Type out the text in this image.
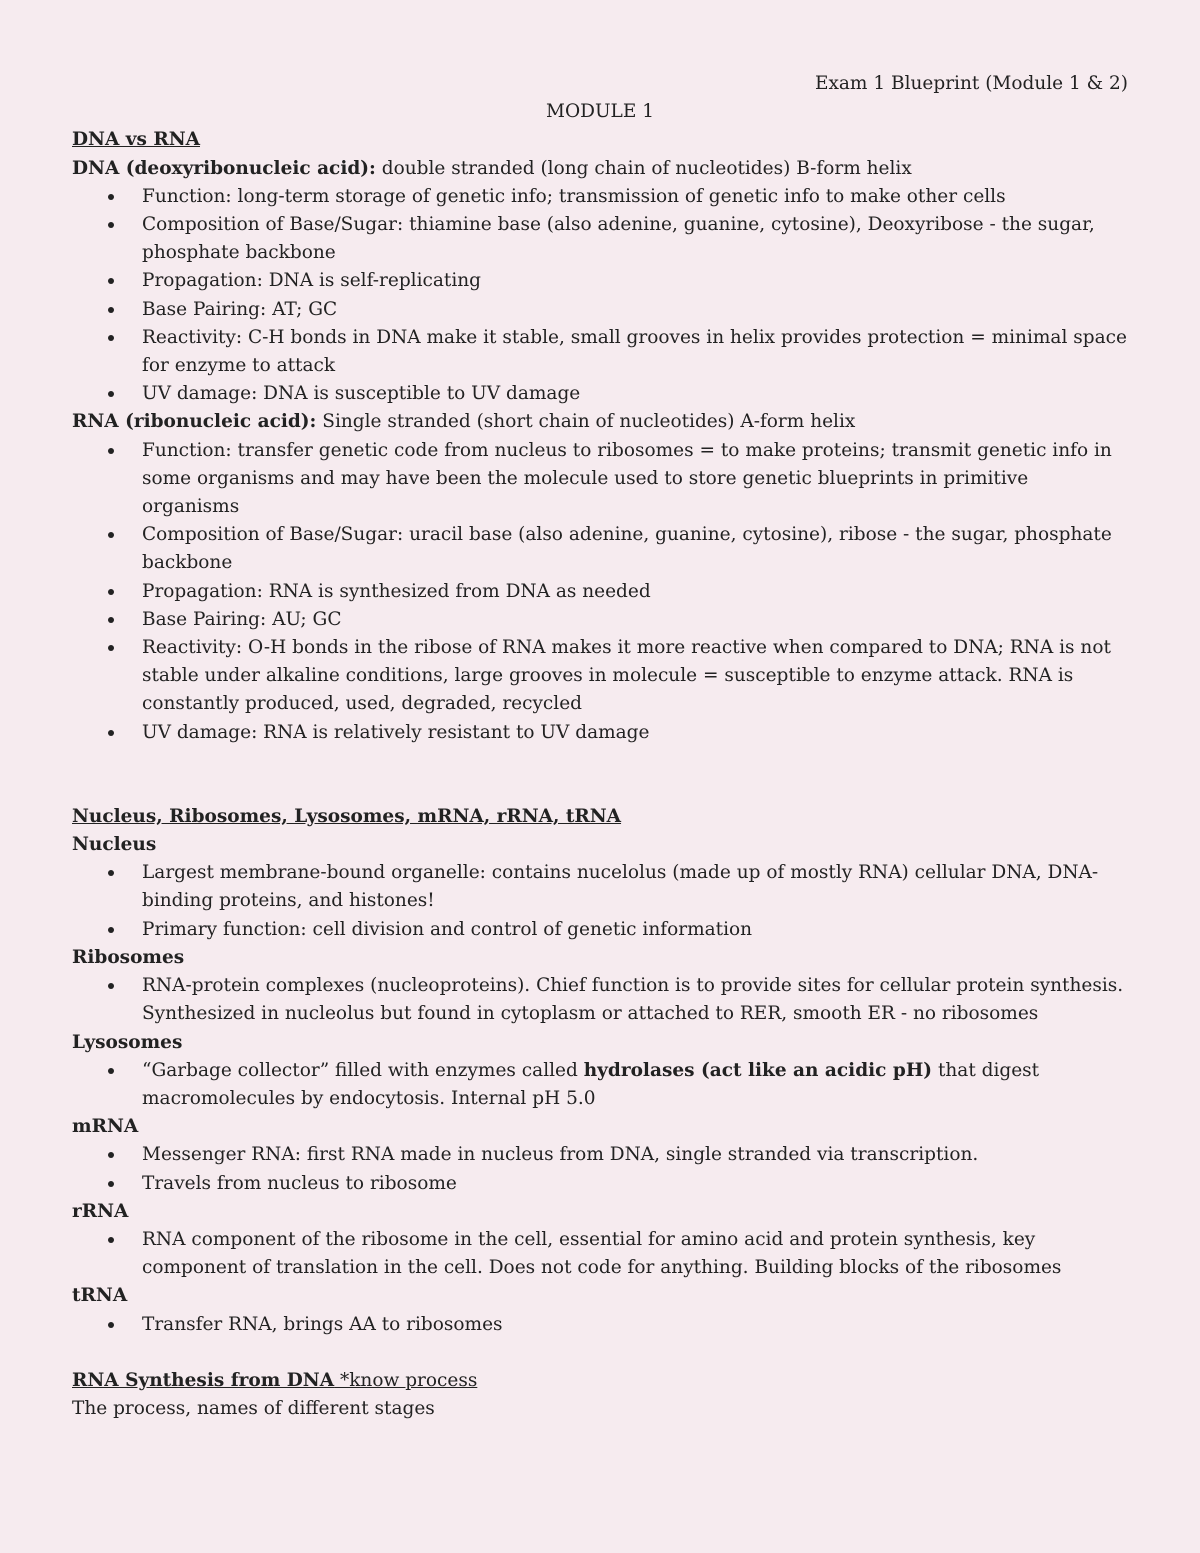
Exam 1 Blueprint (Module 1 & 2)
MODULE 1
DNA vs RNA
DNA (deoxyribonucleic acid): double stranded (long chain of nucleotides) B-form helix
Function: long-term storage of genetic info; transmission of genetic info to make other cells
Composition of Base/Sugar: thiamine base (also adenine, guanine, cytosine), Deoxyribose - the sugar, phosphate backbone
Propagation: DNA is self-replicating
Base Pairing: AT; GC
Reactivity: C-H bonds in DNA make it stable, small grooves in helix provides protection = minimal space for enzyme to attack
UV damage: DNA is susceptible to UV damage
RNA (ribonucleic acid): Single stranded (short chain of nucleotides) A-form helix
Function: transfer genetic code from nucleus to ribosomes = to make proteins; transmit genetic info in some organisms and may have been the molecule used to store genetic blueprints in primitive organisms
Composition of Base/Sugar: uracil base (also adenine, guanine, cytosine), ribose - the sugar, phosphate backbone
Propagation: RNA is synthesized from DNA as needed
Base Pairing: AU; GC
Reactivity: O-H bonds in the ribose of RNA makes it more reactive when compared to DNA; RNA is not stable under alkaline conditions, large grooves in molecule = susceptible to enzyme attack. RNA is constantly produced, used, degraded, recycled
UV damage: RNA is relatively resistant to UV damage
Nucleus, Ribosomes, Lysosomes, mRNA, rRNA, tRNA
Nucleus
Largest membrane-bound organelle: contains nucelolus (made up of mostly RNA) cellular DNA, DNA-binding proteins, and histones!
Primary function: cell division and control of genetic information
Ribosomes
RNA-protein complexes (nucleoproteins). Chief function is to provide sites for cellular protein synthesis. Synthesized in nucleolus but found in cytoplasm or attached to RER, smooth ER - no ribosomes
Lysosomes
“Garbage collector” filled with enzymes called hydrolases (act like an acidic pH) that digest macromolecules by endocytosis. Internal pH 5.0
mRNA
Messenger RNA: first RNA made in nucleus from DNA, single stranded via transcription.
Travels from nucleus to ribosome
rRNA
RNA component of the ribosome in the cell, essential for amino acid and protein synthesis, key component of translation in the cell. Does not code for anything. Building blocks of the ribosomes
tRNA
Transfer RNA, brings AA to ribosomes
RNA Synthesis from DNA *know process
The process, names of different stages
